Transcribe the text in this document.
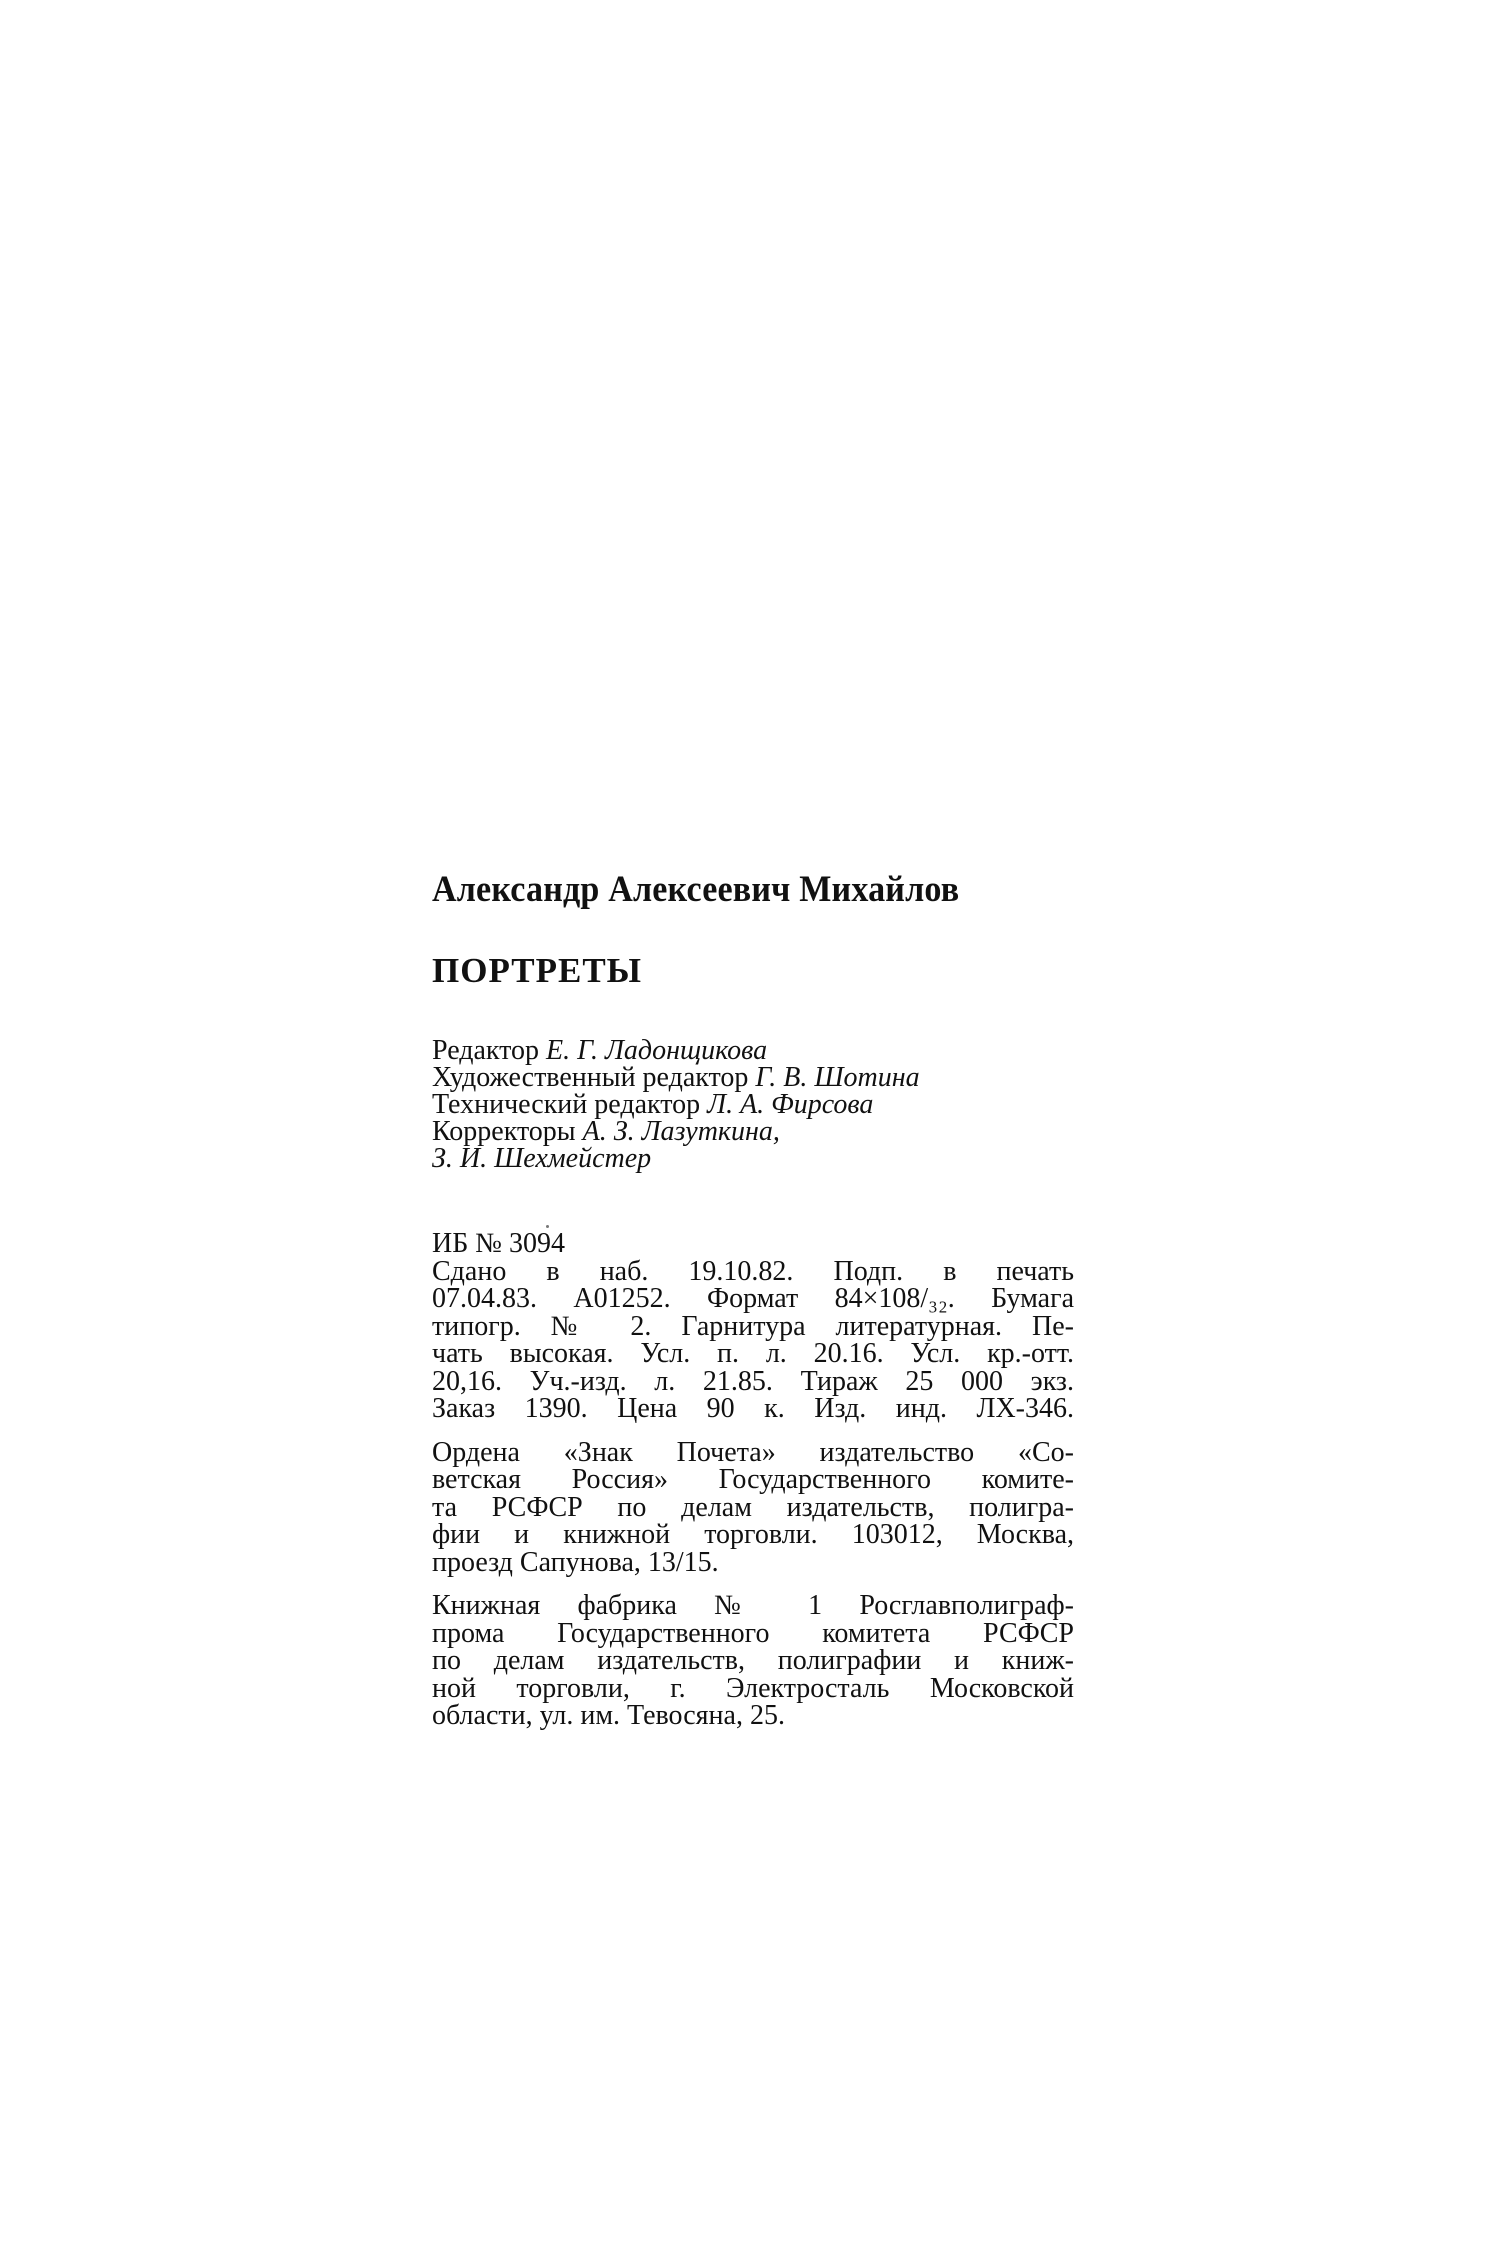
Александр Алексеевич Михайлов
ПОРТРЕТЫ
Редактор Е. Г. Ладонщикова
Художественный редактор Г. В. Шотина
Технический редактор Л. А. Фирсова
Корректоры А. З. Лазуткина,
З. И. Шехмейстер
ИБ № 3094
Сдано в наб. 19.10.82. Подп. в печать
07.04.83. А01252. Формат 84×108/₃₂. Бумага
типогр. № 2. Гарнитура литературная. Пе-
чать высокая. Усл. п. л. 20.16. Усл. кр.-отт.
20,16. Уч.-изд. л. 21.85. Тираж 25 000 экз.
Заказ 1390. Цена 90 к. Изд. инд. ЛХ-346.
Ордена «Знак Почета» издательство «Со-
ветская Россия» Государственного комите-
та РСФСР по делам издательств, полигра-
фии и книжной торговли. 103012, Москва,
проезд Сапунова, 13/15.
Книжная фабрика № 1 Росглавполиграф-
прома Государственного комитета РСФСР
по делам издательств, полиграфии и книж-
ной торговли, г. Электросталь Московской
области, ул. им. Тевосяна, 25.
